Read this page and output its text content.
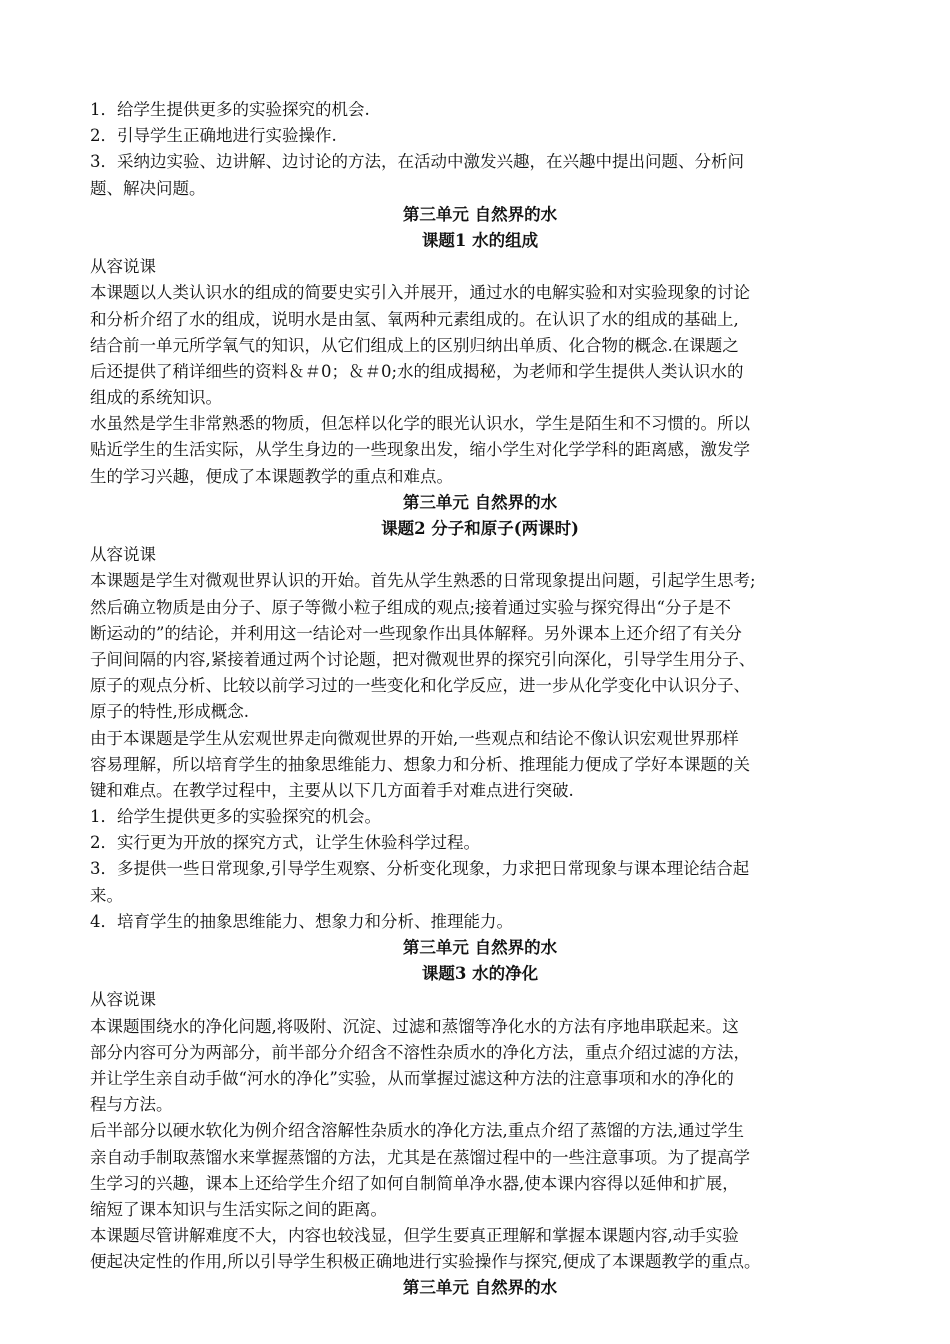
1．给学生提供更多的实验探究的机会.
2．引导学生正确地进行实验操作.
3．采纳边实验、边讲解、边讨论的方法，在活动中激发兴趣，在兴趣中提出问题、分析问
题、解决问题。
第三单元 自然界的水
课题1 水的组成
从容说课
本课题以人类认识水的组成的简要史实引入并展开，通过水的电解实验和对实验现象的讨论
和分析介绍了水的组成，说明水是由氢、氧两种元素组成的。在认识了水的组成的基础上,
结合前一单元所学氧气的知识，从它们组成上的区别归纳出单质、化合物的概念.在课题之
后还提供了稍详细些的资料＆＃0；＆＃0;水的组成揭秘，为老师和学生提供人类认识水的
组成的系统知识。
水虽然是学生非常熟悉的物质，但怎样以化学的眼光认识水，学生是陌生和不习惯的。所以
贴近学生的生活实际，从学生身边的一些现象出发，缩小学生对化学学科的距离感，激发学
生的学习兴趣，便成了本课题教学的重点和难点。
第三单元 自然界的水
课题2 分子和原子(两课时)
从容说课
本课题是学生对微观世界认识的开始。首先从学生熟悉的日常现象提出问题，引起学生思考;
然后确立物质是由分子、原子等微小粒子组成的观点;接着通过实验与探究得出“分子是不
断运动的”的结论，并利用这一结论对一些现象作出具体解释。另外课本上还介绍了有关分
子间间隔的内容,紧接着通过两个讨论题，把对微观世界的探究引向深化，引导学生用分子、
原子的观点分析、比较以前学习过的一些变化和化学反应，进一步从化学变化中认识分子、
原子的特性,形成概念.
由于本课题是学生从宏观世界走向微观世界的开始,一些观点和结论不像认识宏观世界那样
容易理解，所以培育学生的抽象思维能力、想象力和分析、推理能力便成了学好本课题的关
键和难点。在教学过程中，主要从以下几方面着手对难点进行突破.
1．给学生提供更多的实验探究的机会。
2．实行更为开放的探究方式，让学生休验科学过程。
3．多提供一些日常现象,引导学生观察、分析变化现象，力求把日常现象与课本理论结合起
来。
4．培育学生的抽象思维能力、想象力和分析、推理能力。
第三单元 自然界的水
课题3 水的净化
从容说课
本课题围绕水的净化问题,将吸附、沉淀、过滤和蒸馏等净化水的方法有序地串联起来。这
部分内容可分为两部分，前半部分介绍含不溶性杂质水的净化方法，重点介绍过滤的方法，
并让学生亲自动手做“河水的净化”实验，从而掌握过滤这种方法的注意事项和水的净化的
程与方法。
后半部分以硬水软化为例介绍含溶解性杂质水的净化方法,重点介绍了蒸馏的方法,通过学生
亲自动手制取蒸馏水来掌握蒸馏的方法，尤其是在蒸馏过程中的一些注意事项。为了提高学
生学习的兴趣，课本上还给学生介绍了如何自制简单净水器,使本课内容得以延伸和扩展，
缩短了课本知识与生活实际之间的距离。
本课题尽管讲解难度不大，内容也较浅显，但学生要真正理解和掌握本课题内容,动手实验
便起决定性的作用,所以引导学生积极正确地进行实验操作与探究,便成了本课题教学的重点。
第三单元 自然界的水
